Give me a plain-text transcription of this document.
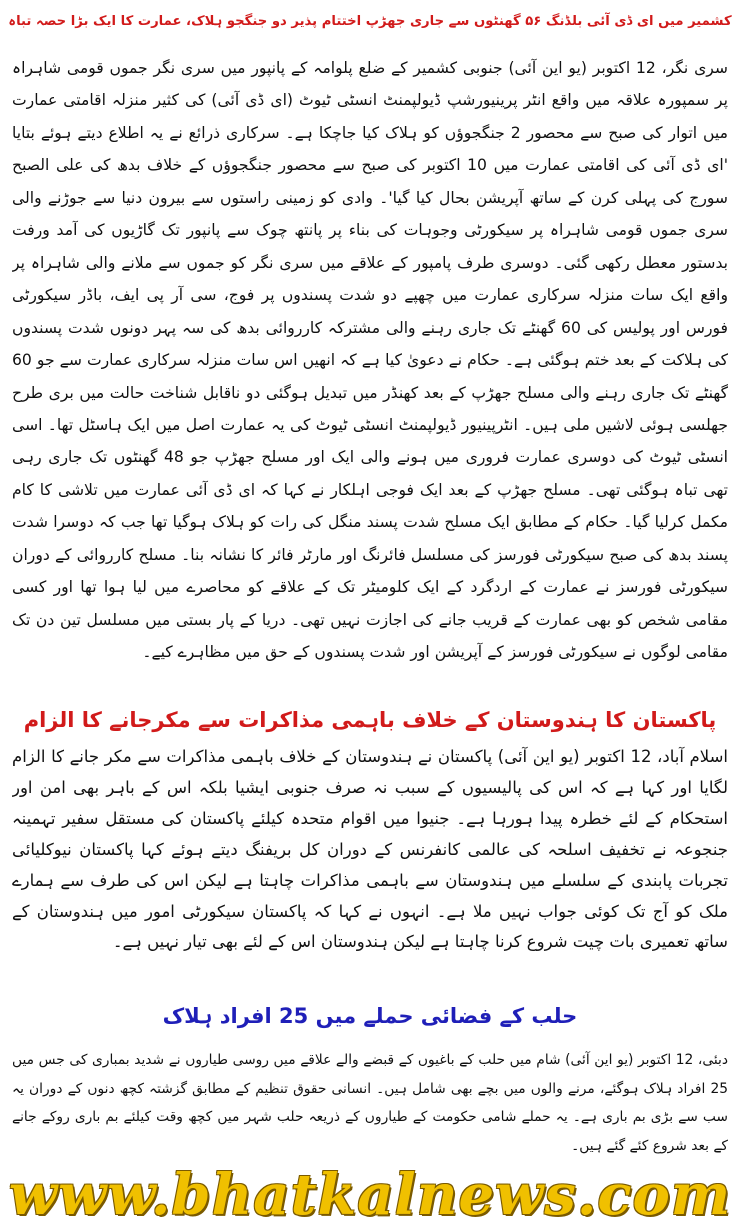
کشمیر میں ای ڈی آئی بلڈنگ ۵۶ گھنٹوں سے جاری جھڑپ اختتام پذیر دو جنگجو ہلاک، عمارت کا ایک بڑا حصہ تباہ
سری نگر، 12 اکتوبر (یو این آئی) جنوبی کشمیر کے ضلع پلوامہ کے پانپور میں سری نگر جموں قومی شاہراہ پر سمپورہ علاقہ میں واقع انٹر پرینیورشپ ڈیولپمنٹ انسٹی ٹیوٹ (ای ڈی آئی) کی کثیر منزلہ اقامتی عمارت میں اتوار کی صبح سے محصور 2 جنگجوؤں کو ہلاک کیا جاچکا ہے۔ سرکاری ذرائع نے یہ اطلاع دیتے ہوئے بتایا 'ای ڈی آئی کی اقامتی عمارت میں 10 اکتوبر کی صبح سے محصور جنگجوؤں کے خلاف بدھ کی علی الصبح سورج کی پہلی کرن کے ساتھ آپریشن بحال کیا گیا'۔ وادی کو زمینی راستوں سے بیرون دنیا سے جوڑنے والی سری جموں قومی شاہراہ پر سیکورٹی وجوہات کی بناء پر پانتھ چوک سے پانپور تک گاڑیوں کی آمد ورفت بدستور معطل رکھی گئی۔ دوسری طرف پامپور کے علاقے میں سری نگر کو جموں سے ملانے والی شاہراہ پر واقع ایک سات منزلہ سرکاری عمارت میں چھپے دو شدت پسندوں پر فوج، سی آر پی ایف، باڈر سیکورٹی فورس اور پولیس کی 60 گھنٹے تک جاری رہنے والی مشترکہ کارروائی بدھ کی سہ پہر دونوں شدت پسندوں کی ہلاکت کے بعد ختم ہوگئی ہے۔ حکام نے دعویٰ کیا ہے کہ انھیں اس سات منزلہ سرکاری عمارت سے جو 60 گھنٹے تک جاری رہنے والی مسلح جھڑپ کے بعد کھنڈر میں تبدیل ہوگئی دو ناقابل شناخت حالت میں بری طرح جھلسی ہوئی لاشیں ملی ہیں۔ انٹرپینیور ڈیولپمنٹ انسٹی ٹیوٹ کی یہ عمارت اصل میں ایک ہاسٹل تھا۔ اسی انسٹی ٹیوٹ کی دوسری عمارت فروری میں ہونے والی ایک اور مسلح جھڑپ جو 48 گھنٹوں تک جاری رہی تھی تباہ ہوگئی تھی۔ مسلح جھڑپ کے بعد ایک فوجی اہلکار نے کہا کہ ای ڈی آئی عمارت میں تلاشی کا کام مکمل کرلیا گیا۔ حکام کے مطابق ایک مسلح شدت پسند منگل کی رات کو ہلاک ہوگیا تھا جب کہ دوسرا شدت پسند بدھ کی صبح سیکورٹی فورسز کی مسلسل فائرنگ اور مارٹر فائر کا نشانہ بنا۔ مسلح کارروائی کے دوران سیکورٹی فورسز نے عمارت کے اردگرد کے ایک کلومیٹر تک کے علاقے کو محاصرے میں لیا ہوا تھا اور کسی مقامی شخص کو بھی عمارت کے قریب جانے کی اجازت نہیں تھی۔ دریا کے پار بستی میں مسلسل تین دن تک مقامی لوگوں نے سیکورٹی فورسز کے آپریشن اور شدت پسندوں کے حق میں مظاہرے کیے۔
پاکستان کا ہندوستان کے خلاف باہمی مذاکرات سے مکرجانے کا الزام
اسلام آباد، 12 اکتوبر (یو این آئی) پاکستان نے ہندوستان کے خلاف باہمی مذاکرات سے مکر جانے کا الزام لگایا اور کہا ہے کہ اس کی پالیسیوں کے سبب نہ صرف جنوبی ایشیا بلکہ اس کے باہر بھی امن اور استحکام کے لئے خطرہ پیدا ہورہا ہے۔ جنیوا میں اقوام متحدہ کیلئے پاکستان کی مستقل سفیر تہمینہ جنجوعہ نے تخفیف اسلحہ کی عالمی کانفرنس کے دوران کل بریفنگ دیتے ہوئے کہا پاکستان نیوکلیائی تجربات پابندی کے سلسلے میں ہندوستان سے باہمی مذاکرات چاہتا ہے لیکن اس کی طرف سے ہمارے ملک کو آج تک کوئی جواب نہیں ملا ہے۔ انہوں نے کہا کہ پاکستان سیکورٹی امور میں ہندوستان کے ساتھ تعمیری بات چیت شروع کرنا چاہتا ہے لیکن ہندوستان اس کے لئے بھی تیار نہیں ہے۔
حلب کے فضائی حملے میں 25 افراد ہلاک
دبئی، 12 اکتوبر (یو این آئی) شام میں حلب کے باغیوں کے قبضے والے علاقے میں روسی طیاروں نے شدید بمباری کی جس میں 25 افراد ہلاک ہوگئے، مرنے والوں میں بچے بھی شامل ہیں۔ انسانی حقوق تنظیم کے مطابق گزشتہ کچھ دنوں کے دوران یہ سب سے بڑی بم باری ہے۔ یہ حملے شامی حکومت کے طیاروں کے ذریعہ حلب شہر میں کچھ وقت کیلئے بم باری روکے جانے کے بعد شروع کئے گئے ہیں۔
www.bhatkalnews.com
